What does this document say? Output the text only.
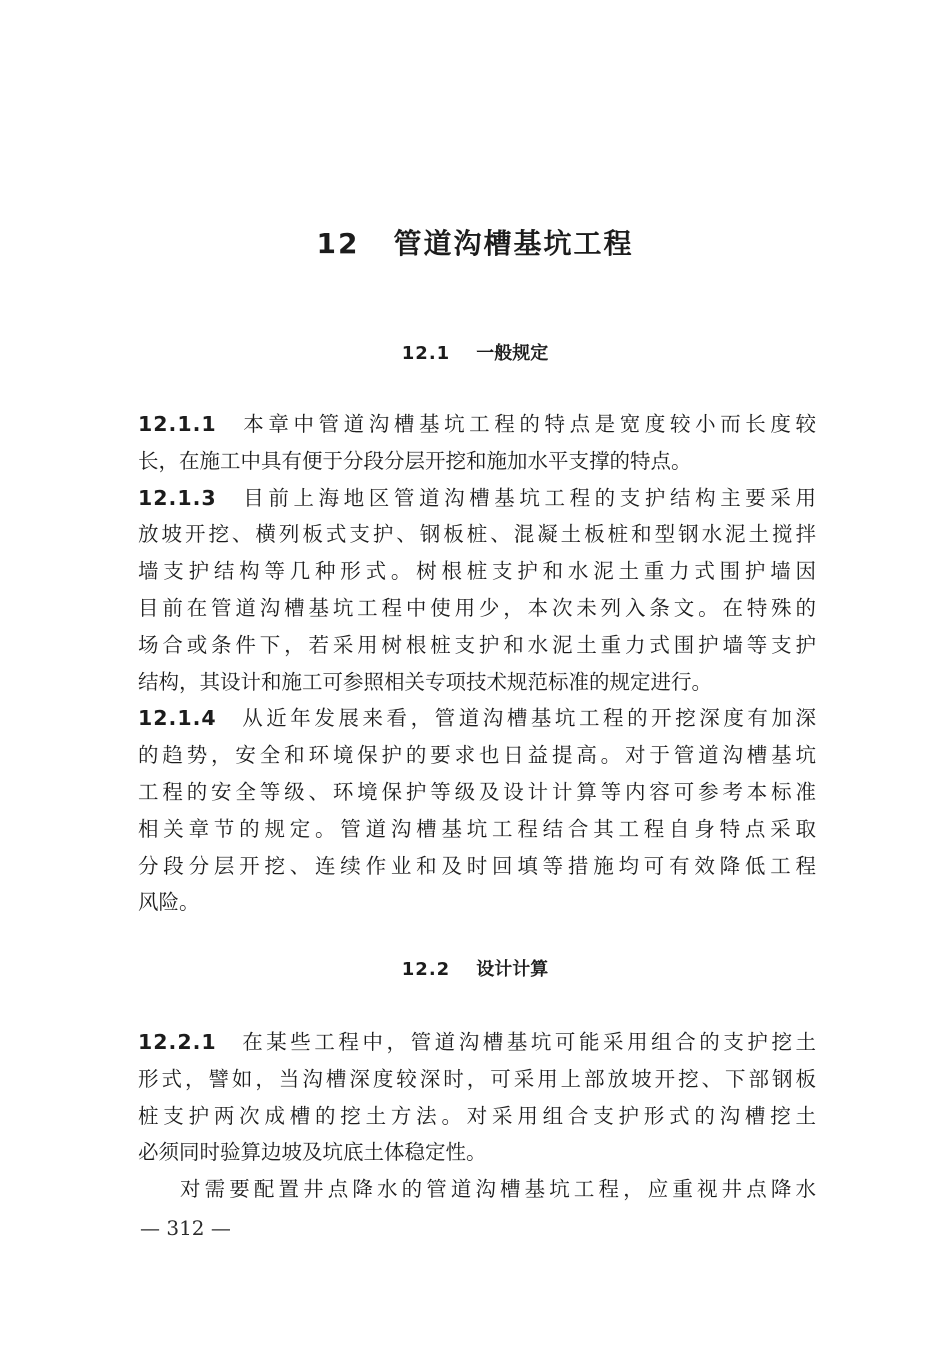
12 管道沟槽基坑工程
12.1 一般规定
12.1.1 本章中管道沟槽基坑工程的特点是宽度较小而长度较
长，在施工中具有便于分段分层开挖和施加水平支撑的特点。
12.1.3 目前上海地区管道沟槽基坑工程的支护结构主要采用
放坡开挖、横列板式支护、钢板桩、混凝土板桩和型钢水泥土搅拌
墙支护结构等几种形式。树根桩支护和水泥土重力式围护墙因
目前在管道沟槽基坑工程中使用少，本次未列入条文。在特殊的
场合或条件下，若采用树根桩支护和水泥土重力式围护墙等支护
结构，其设计和施工可参照相关专项技术规范标准的规定进行。
12.1.4 从近年发展来看，管道沟槽基坑工程的开挖深度有加深
的趋势，安全和环境保护的要求也日益提高。对于管道沟槽基坑
工程的安全等级、环境保护等级及设计计算等内容可参考本标准
相关章节的规定。管道沟槽基坑工程结合其工程自身特点采取
分段分层开挖、连续作业和及时回填等措施均可有效降低工程
风险。
12.2 设计计算
12.2.1 在某些工程中，管道沟槽基坑可能采用组合的支护挖土
形式，譬如，当沟槽深度较深时，可采用上部放坡开挖、下部钢板
桩支护两次成槽的挖土方法。对采用组合支护形式的沟槽挖土
必须同时验算边坡及坑底土体稳定性。
对需要配置井点降水的管道沟槽基坑工程，应重视井点降水
— 312 —
